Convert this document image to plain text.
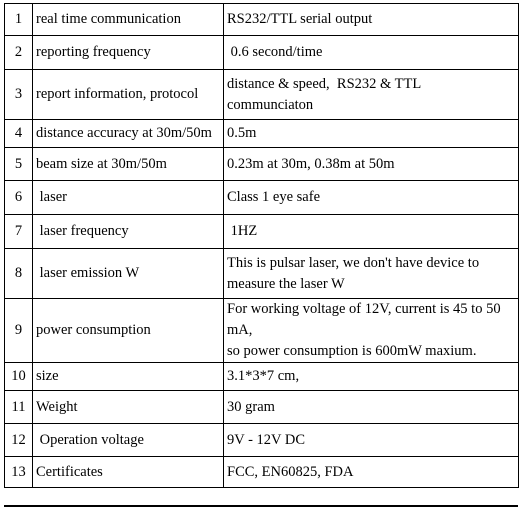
1	real time communication	RS232/TTL serial output

2	reporting frequency	0.6 second/time

3	report information, protocol	distance & speed,  RS232 & TTL
communciaton

4	distance accuracy at 30m/50m	0.5m

5	beam size at 30m/50m	0.23m at 30m, 0.38m at 50m

6	laser	Class 1 eye safe

7	laser frequency	1HZ

8	laser emission W	This is pulsar laser, we don't have device to
measure the laser W

9	power consumption	For working voltage of 12V, current is 45 to 50
mA,
so power consumption is 600mW maxium.

10	size	3.1*3*7 cm,

11	Weight	30 gram

12	Operation voltage	9V - 12V DC

13	Certificates	FCC, EN60825, FDA
